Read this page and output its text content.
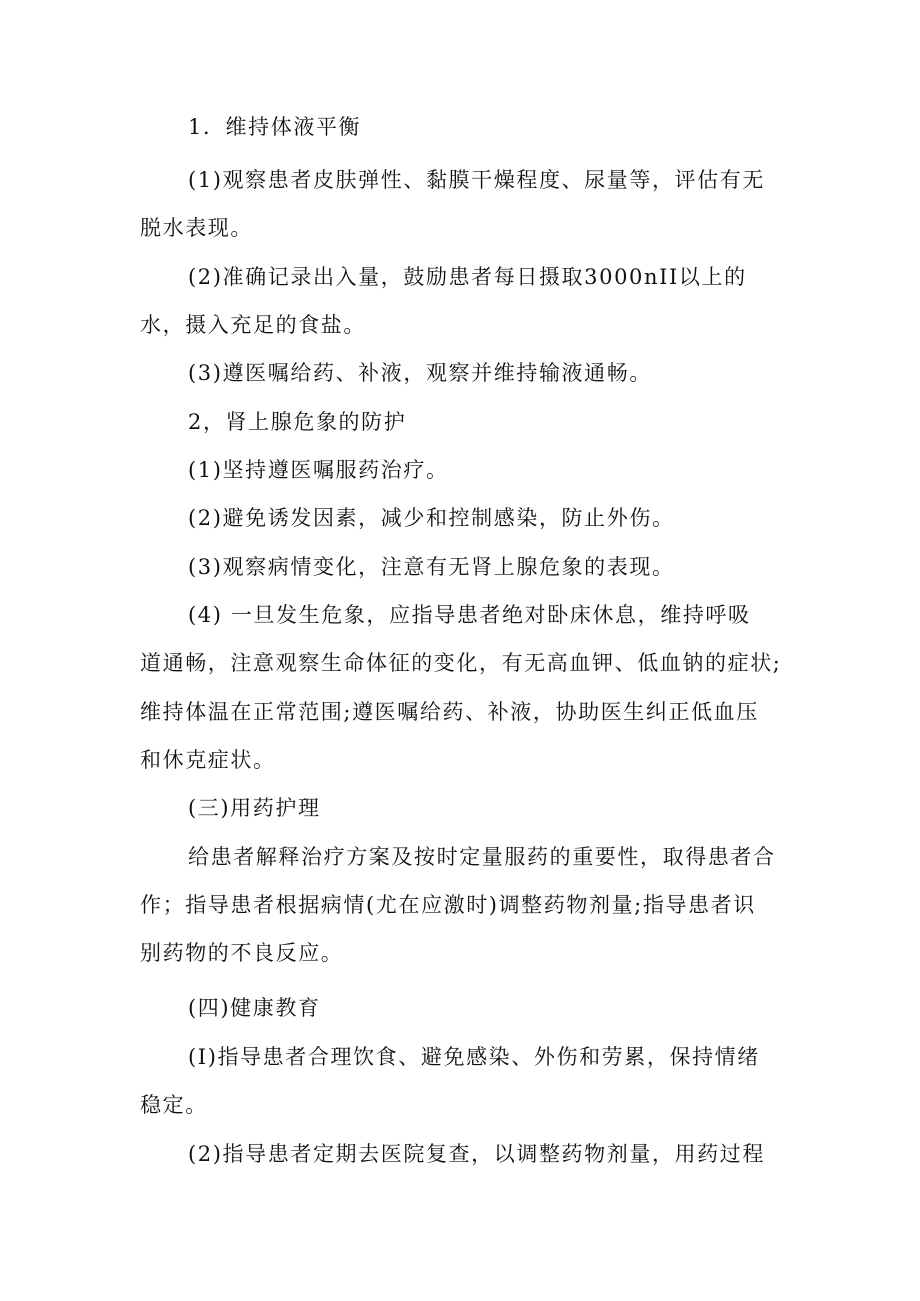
1．维持体液平衡
(1)观察患者皮肤弹性、黏膜干燥程度、尿量等，评估有无
脱水表现。
(2)准确记录出入量，鼓励患者每日摄取3000nII以上的
水，摄入充足的食盐。
(3)遵医嘱给药、补液，观察并维持输液通畅。
2，肾上腺危象的防护
(1)坚持遵医嘱服药治疗。
(2)避免诱发因素，减少和控制感染，防止外伤。
(3)观察病情变化，注意有无肾上腺危象的表现。
(4) 一旦发生危象，应指导患者绝对卧床休息，维持呼吸
道通畅，注意观察生命体征的变化，有无高血钾、低血钠的症状;
维持体温在正常范围;遵医嘱给药、补液，协助医生纠正低血压
和休克症状。
(三)用药护理
给患者解释治疗方案及按时定量服药的重要性，取得患者合
作；指导患者根据病情(尤在应激时)调整药物剂量;指导患者识
别药物的不良反应。
(四)健康教育
(I)指导患者合理饮食、避免感染、外伤和劳累，保持情绪
稳定。
(2)指导患者定期去医院复查，以调整药物剂量，用药过程
